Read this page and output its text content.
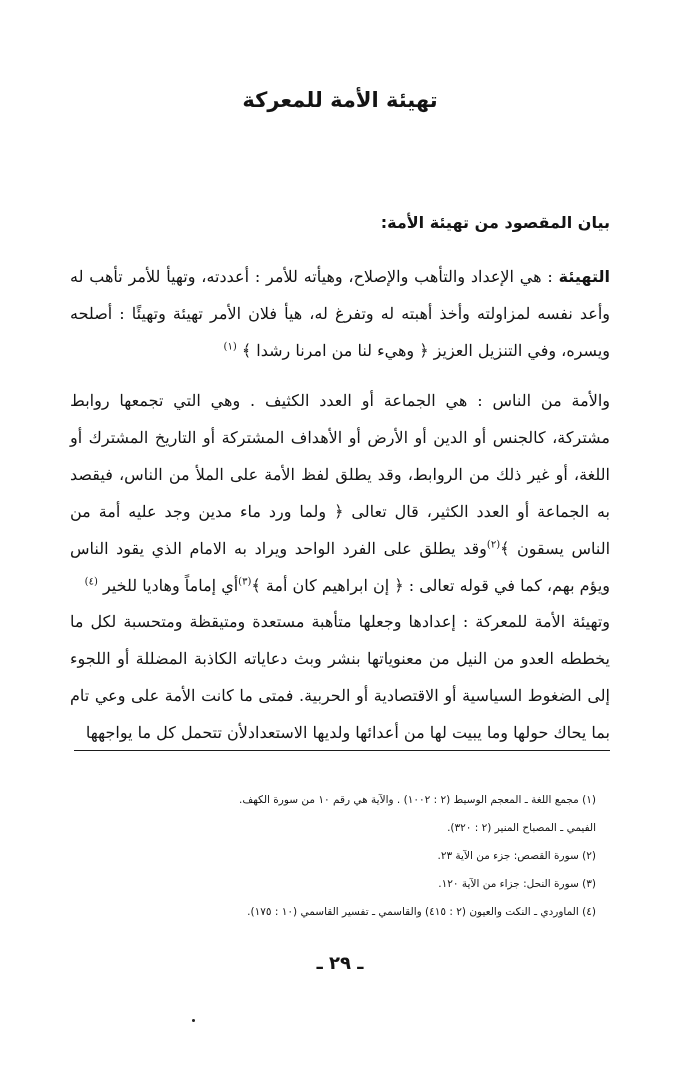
تهيئة الأمة للمعركة
بيان المقصود من تهيئة الأمة:

التهيئة : هي الإعداد والتأهب والإصلاح، وهيأته للأمر : أعددته، وتهيأ للأمر تأهب له وأعد نفسه لمزاولته وأخذ أهبته له وتفرغ له، هيأ فلان الأمر تهيئة وتهيئًا : أصلحه ويسره، وفي التنزيل العزيز ﴿ وهيء لنا من امرنا رشدا ﴾ $^{(١)}$

والأمة من الناس : هي الجماعة أو العدد الكثيف . وهي التي تجمعها روابط مشتركة، كالجنس أو الدين أو الأرض أو الأهداف المشتركة أو التاريخ المشترك أو اللغة، أو غير ذلك من الروابط، وقد يطلق لفظ الأمة على الملأ من الناس، فيقصد به الجماعة أو العدد الكثير، قال تعالى ﴿ ولما ورد ماء مدين وجد عليه أمة من الناس يسقون ﴾$^{(٢)}$وقد يطلق على الفرد الواحد ويراد به الامام الذي يقود الناس ويؤم بهم، كما في قوله تعالى : ﴿ إن ابراهيم كان أمة ﴾$^{(٣)}$أي إماماً وهاديا للخير $^{(٤)}$

وتهيئة الأمة للمعركة : إعدادها وجعلها متأهبة مستعدة ومتيقظة ومتحسبة لكل ما يخططه العدو من النيل من معنوياتها بنشر وبث دعاياته الكاذبة المضللة أو اللجوء إلى الضغوط السياسية أو الاقتصادية أو الحربية. فمتى ما كانت الأمة على وعي تام بما يحاك حولها وما يبيت لها من أعدائها ولديها الاستعدادلأن تتحمل كل ما يواجهها

(١) مجمع اللغة ـ المعجم الوسيط (٢ : ١٠٠٢) . والآية هي رقم ١٠ من سورة الكهف.
الفيمي ـ المصباح المنير (٢ : ٣٢٠).
(٢) سورة القصص: جزء من الآية ٢٣.
(٣) سورة النحل: جزاء من الآية ١٢٠.
(٤) الماوردي ـ النكت والعيون (٢ : ٤١٥) والقاسمي ـ تفسير القاسمي (١٠ : ١٧٥).
ـ ٢٩ ـ
